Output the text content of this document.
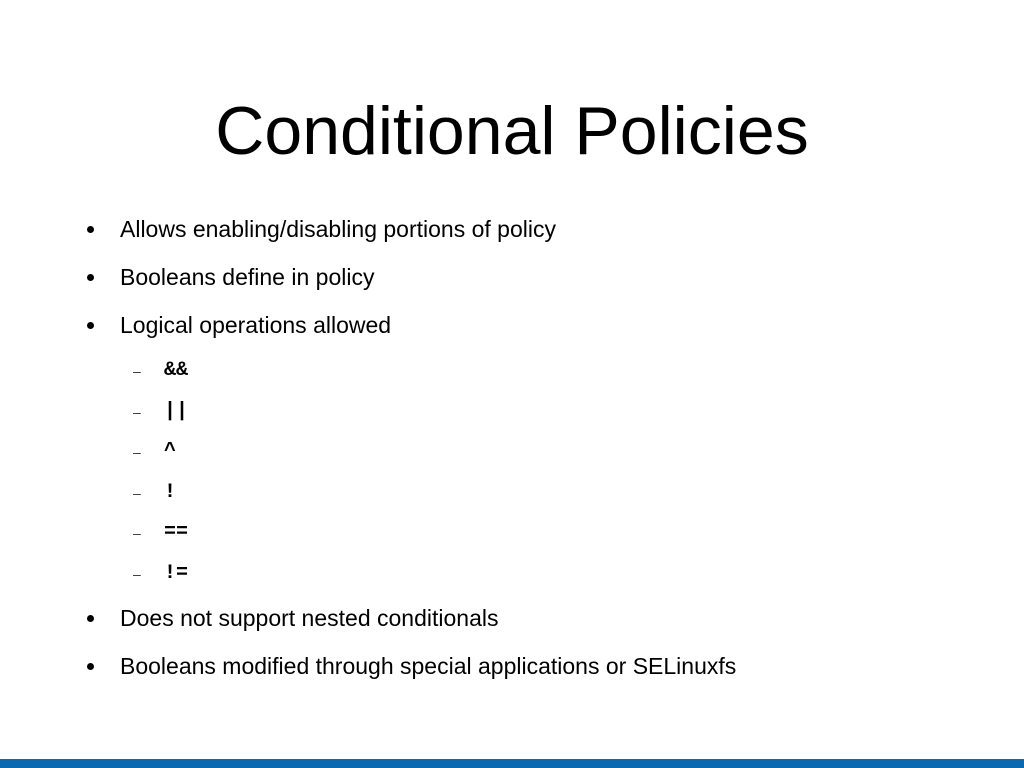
Conditional Policies
Allows enabling/disabling portions of policy
Booleans define in policy
Logical operations allowed
– &&
– ||
– ^
– !
– ==
– !=
Does not support nested conditionals
Booleans modified through special applications or SELinuxfs
